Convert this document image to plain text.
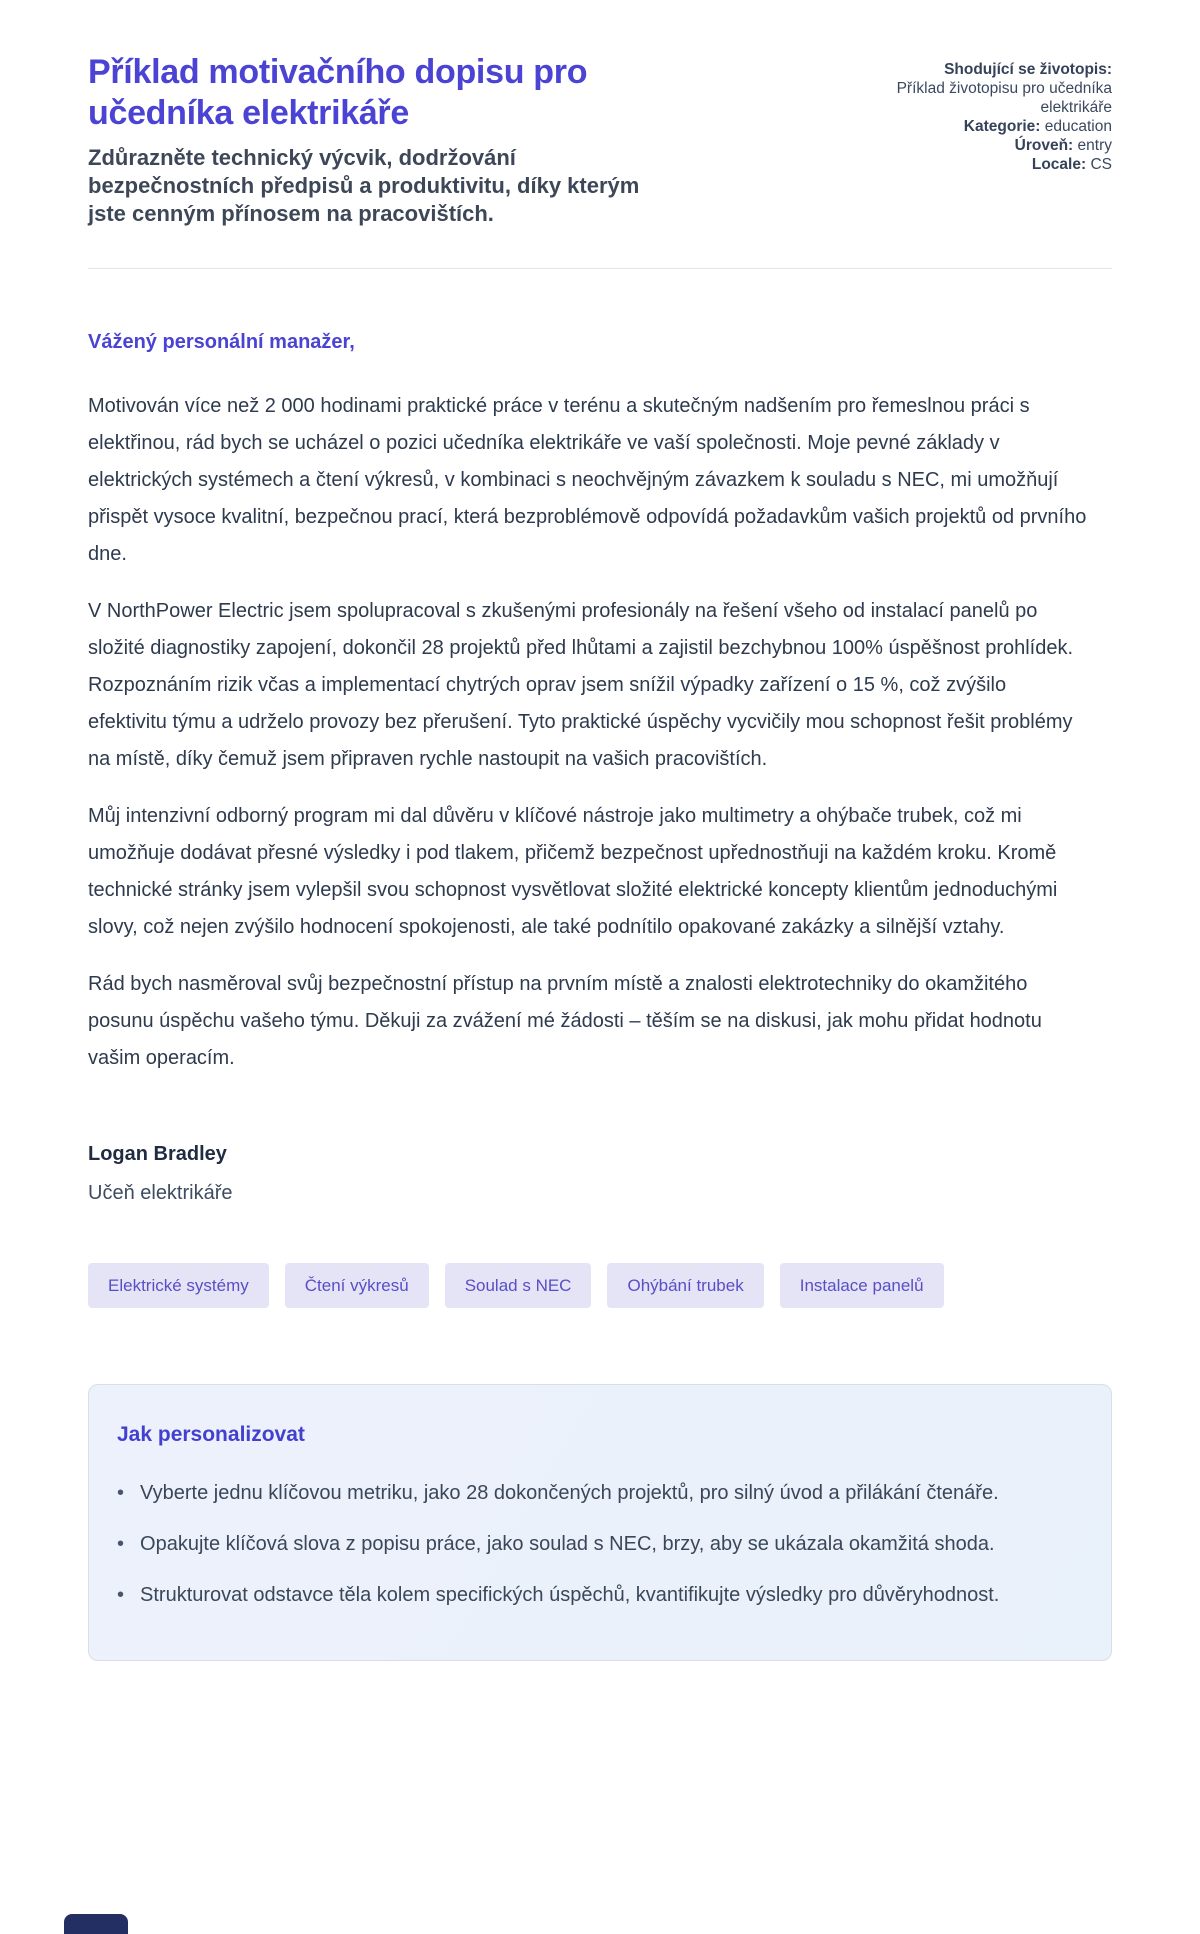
Příklad motivačního dopisu pro učedníka elektrikáře

Zdůrazněte technický výcvik, dodržování bezpečnostních předpisů a produktivitu, díky kterým jste cenným přínosem na pracovištích.

Shodující se životopis:
Příklad životopisu pro učedníka elektrikáře
Kategorie: education
Úroveň: entry
Locale: CS

Vážený personální manažer,

Motivován více než 2 000 hodinami praktické práce v terénu a skutečným nadšením pro řemeslnou práci s elektřinou, rád bych se ucházel o pozici učedníka elektrikáře ve vaší společnosti. Moje pevné základy v elektrických systémech a čtení výkresů, v kombinaci s neochvějným závazkem k souladu s NEC, mi umožňují přispět vysoce kvalitní, bezpečnou prací, která bezproblémově odpovídá požadavkům vašich projektů od prvního dne.

V NorthPower Electric jsem spolupracoval s zkušenými profesionály na řešení všeho od instalací panelů po složité diagnostiky zapojení, dokončil 28 projektů před lhůtami a zajistil bezchybnou 100% úspěšnost prohlídek. Rozpoznáním rizik včas a implementací chytrých oprav jsem snížil výpadky zařízení o 15 %, což zvýšilo efektivitu týmu a udrželo provozy bez přerušení. Tyto praktické úspěchy vycvičily mou schopnost řešit problémy na místě, díky čemuž jsem připraven rychle nastoupit na vašich pracovištích.

Můj intenzivní odborný program mi dal důvěru v klíčové nástroje jako multimetry a ohýbače trubek, což mi umožňuje dodávat přesné výsledky i pod tlakem, přičemž bezpečnost upřednostňuji na každém kroku. Kromě technické stránky jsem vylepšil svou schopnost vysvětlovat složité elektrické koncepty klientům jednoduchými slovy, což nejen zvýšilo hodnocení spokojenosti, ale také podnítilo opakované zakázky a silnější vztahy.

Rád bych nasměroval svůj bezpečnostní přístup na prvním místě a znalosti elektrotechniky do okamžitého posunu úspěchu vašeho týmu. Děkuji za zvážení mé žádosti – těším se na diskusi, jak mohu přidat hodnotu vašim operacím.

Logan Bradley

Učeň elektrikáře

Elektrické systémy	Čtení výkresů	Soulad s NEC	Ohýbání trubek	Instalace panelů
Jak personalizovat
• Vyberte jednu klíčovou metriku, jako 28 dokončených projektů, pro silný úvod a přilákání čtenáře.
• Opakujte klíčová slova z popisu práce, jako soulad s NEC, brzy, aby se ukázala okamžitá shoda.
• Strukturovat odstavce těla kolem specifických úspěchů, kvantifikujte výsledky pro důvěryhodnost.
